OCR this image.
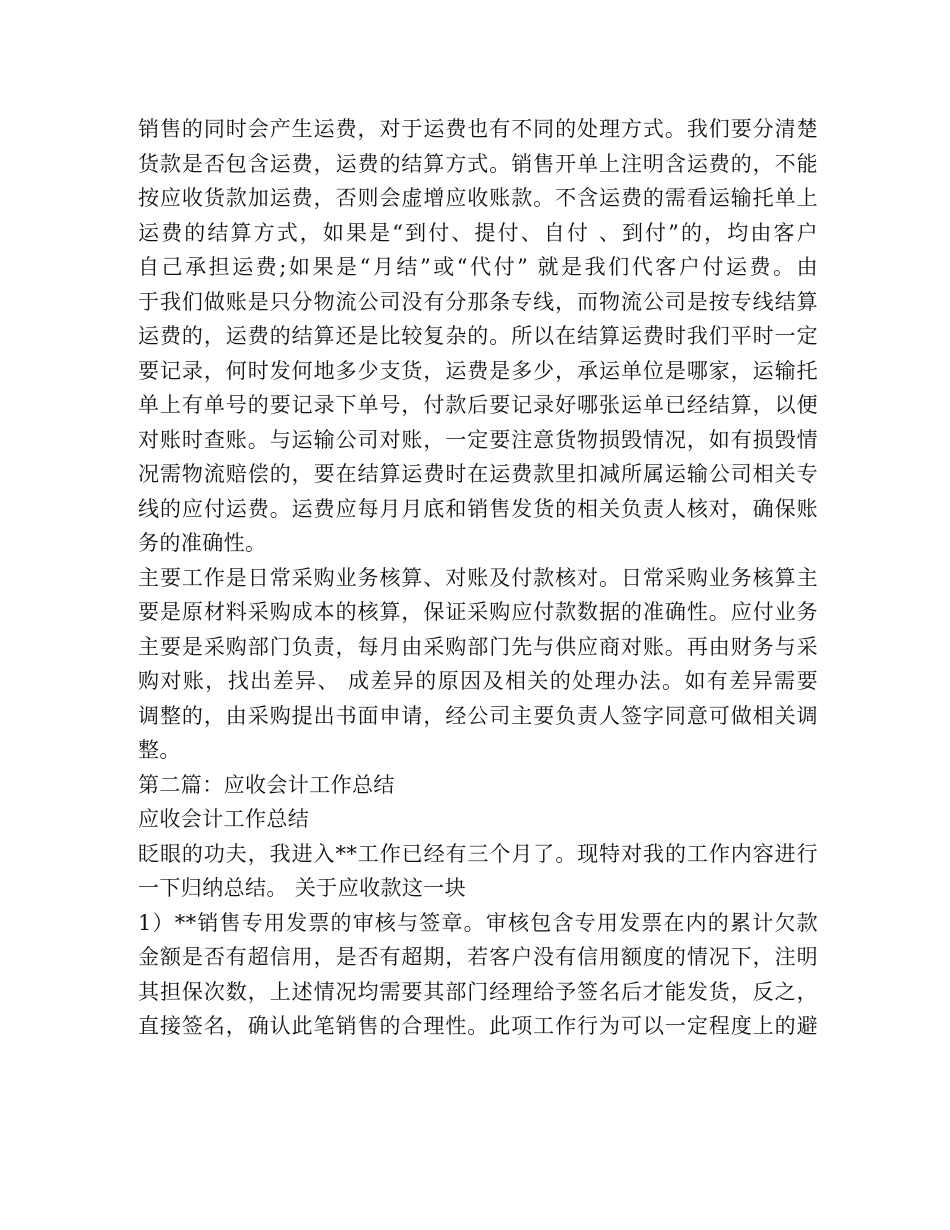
销售的同时会产生运费，对于运费也有不同的处理方式。我们要分清楚
货款是否包含运费，运费的结算方式。销售开单上注明含运费的，不能
按应收货款加运费，否则会虚增应收账款。不含运费的需看运输托单上
运费的结算方式，如果是“到付、提付、自付 、到付”的，均由客户
自己承担运费;如果是“月结”或“代付” 就是我们代客户付运费。由
于我们做账是只分物流公司没有分那条专线，而物流公司是按专线结算
运费的，运费的结算还是比较复杂的。所以在结算运费时我们平时一定
要记录，何时发何地多少支货，运费是多少，承运单位是哪家，运输托
单上有单号的要记录下单号，付款后要记录好哪张运单已经结算，以便
对账时查账。与运输公司对账，一定要注意货物损毁情况，如有损毁情
况需物流赔偿的，要在结算运费时在运费款里扣减所属运输公司相关专
线的应付运费。运费应每月月底和销售发货的相关负责人核对，确保账
务的准确性。
主要工作是日常采购业务核算、对账及付款核对。日常采购业务核算主
要是原材料采购成本的核算，保证采购应付款数据的准确性。应付业务
主要是采购部门负责，每月由采购部门先与供应商对账。再由财务与采
购对账，找出差异、 成差异的原因及相关的处理办法。如有差异需要
调整的，由采购提出书面申请，经公司主要负责人签字同意可做相关调
整。
第二篇：应收会计工作总结
应收会计工作总结
眨眼的功夫，我进入**工作已经有三个月了。现特对我的工作内容进行
一下归纳总结。 关于应收款这一块
1）**销售专用发票的审核与签章。审核包含专用发票在内的累计欠款
金额是否有超信用，是否有超期，若客户没有信用额度的情况下，注明
其担保次数，上述情况均需要其部门经理给予签名后才能发货，反之，
直接签名，确认此笔销售的合理性。此项工作行为可以一定程度上的避
